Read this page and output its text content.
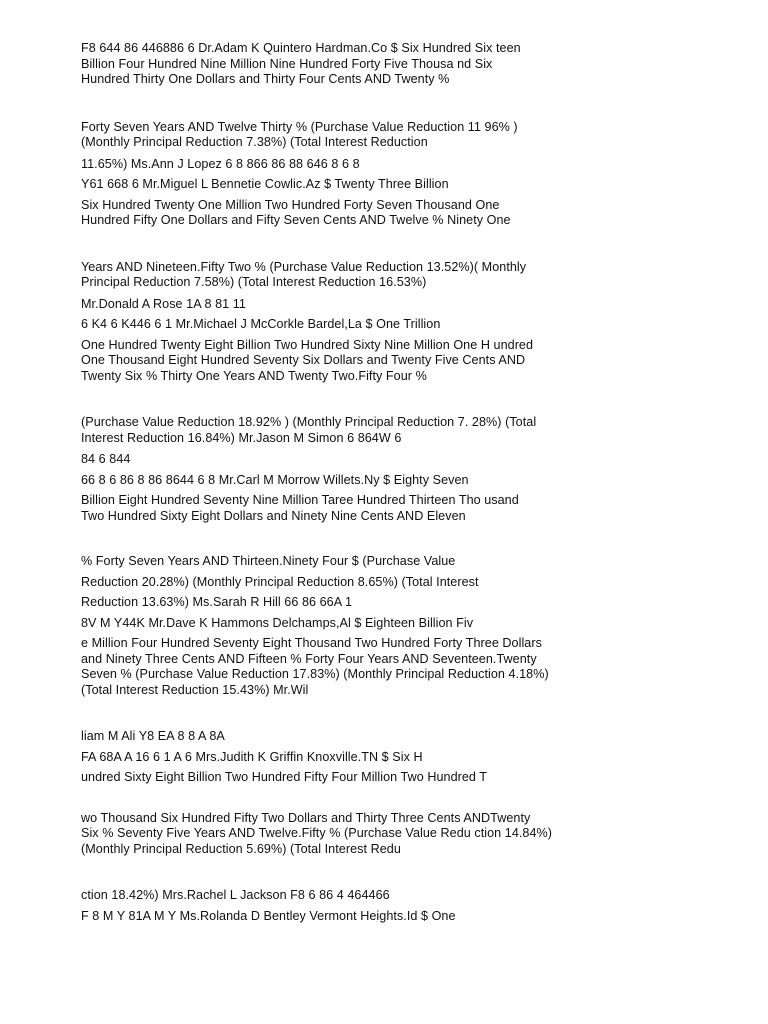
F8 644 86 446886 6 Dr.Adam K Quintero Hardman.Co $ Six Hundred Six teen
Billion Four Hundred Nine Million Nine Hundred Forty Five Thousa nd Six
Hundred Thirty One Dollars and Thirty Four Cents AND Twenty %

Forty Seven Years AND Twelve Thirty % (Purchase Value Reduction 11 96% )
(Monthly Principal Reduction 7.38%) (Total Interest Reduction

11.65%) Ms.Ann J Lopez 6 8 866 86 88 646 8 6 8

Y61 668 6 Mr.Miguel L Bennetie Cowlic.Az $ Twenty Three Billion

Six Hundred Twenty One Million Two Hundred Forty Seven Thousand One
Hundred Fifty One Dollars and Fifty Seven Cents AND Twelve % Ninety One

Years AND Nineteen.Fifty Two % (Purchase Value Reduction 13.52%)( Monthly
Principal Reduction 7.58%) (Total Interest Reduction 16.53%)

Mr.Donald A Rose 1A 8 81 11

6 K4 6 K446 6 1 Mr.Michael J McCorkle Bardel,La $ One Trillion

One Hundred Twenty Eight Billion Two Hundred Sixty Nine Million One H undred
One Thousand Eight Hundred Seventy Six Dollars and Twenty Five Cents AND
Twenty Six % Thirty One Years AND Twenty Two.Fifty Four %

(Purchase Value Reduction 18.92% ) (Monthly Principal Reduction 7. 28%) (Total
Interest Reduction 16.84%) Mr.Jason M Simon 6 864W 6

84 6 844

66 8 6 86 8 86 8644 6 8 Mr.Carl M Morrow Willets.Ny $ Eighty Seven

Billion Eight Hundred Seventy Nine Million Taree Hundred Thirteen Tho usand
Two Hundred Sixty Eight Dollars and Ninety Nine Cents AND Eleven

% Forty Seven Years AND Thirteen.Ninety Four $ (Purchase Value

Reduction 20.28%) (Monthly Principal Reduction 8.65%) (Total Interest

Reduction 13.63%) Ms.Sarah R Hill 66 86 66A 1

8V M Y44K Mr.Dave K Hammons Delchamps,Al $ Eighteen Billion Fiv

e Million Four Hundred Seventy Eight Thousand Two Hundred Forty Three Dollars
and Ninety Three Cents AND Fifteen % Forty Four Years AND Seventeen.Twenty
Seven % (Purchase Value Reduction 17.83%) (Monthly Principal Reduction 4.18%)
(Total Interest Reduction 15.43%) Mr.Wil

liam M Ali Y8 EA 8 8 A 8A

FA 68A A 16 6 1 A 6 Mrs.Judith K Griffin Knoxville.TN $ Six H

undred Sixty Eight Billion Two Hundred Fifty Four Million Two Hundred T

wo Thousand Six Hundred Fifty Two Dollars and Thirty Three Cents ANDTwenty
Six % Seventy Five Years AND Twelve.Fifty % (Purchase Value Redu ction 14.84%)
(Monthly Principal Reduction 5.69%) (Total Interest Redu

ction 18.42%) Mrs.Rachel L Jackson F8 6 86 4 464466

F 8 M Y 81A M Y Ms.Rolanda D Bentley Vermont Heights.Id $ One
